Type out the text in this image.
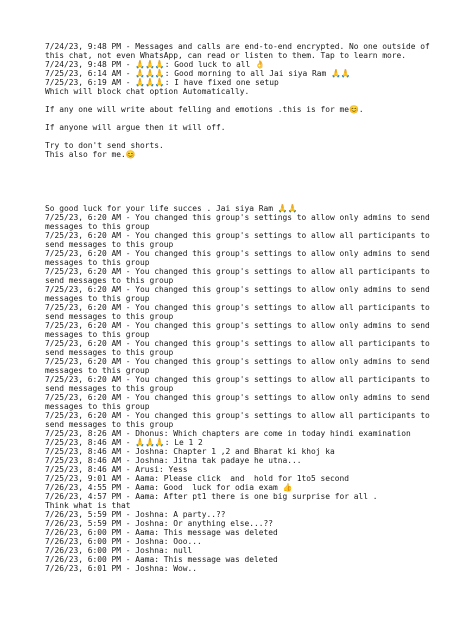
7/24/23, 9:48 PM - Messages and calls are end-to-end encrypted. No one outside of
this chat, not even WhatsApp, can read or listen to them. Tap to learn more.
7/24/23, 9:48 PM - 🙏🙏🙏: Good luck to all 👌
7/25/23, 6:14 AM - 🙏🙏🙏: Good morning to all Jai siya Ram 🙏🙏
7/25/23, 6:19 AM - 🙏🙏🙏: I have fixed one setup
Which will block chat option Automatically.
If any one will write about felling and emotions .this is for me😊.
If anyone will argue then it will off.
Try to don't send shorts.
This also for me.😊
So good luck for your life succes . Jai siya Ram 🙏🙏
7/25/23, 6:20 AM - You changed this group's settings to allow only admins to send
messages to this group
7/25/23, 6:20 AM - You changed this group's settings to allow all participants to
send messages to this group
7/25/23, 6:20 AM - You changed this group's settings to allow only admins to send
messages to this group
7/25/23, 6:20 AM - You changed this group's settings to allow all participants to
send messages to this group
7/25/23, 6:20 AM - You changed this group's settings to allow only admins to send
messages to this group
7/25/23, 6:20 AM - You changed this group's settings to allow all participants to
send messages to this group
7/25/23, 6:20 AM - You changed this group's settings to allow only admins to send
messages to this group
7/25/23, 6:20 AM - You changed this group's settings to allow all participants to
send messages to this group
7/25/23, 6:20 AM - You changed this group's settings to allow only admins to send
messages to this group
7/25/23, 6:20 AM - You changed this group's settings to allow all participants to
send messages to this group
7/25/23, 6:20 AM - You changed this group's settings to allow only admins to send
messages to this group
7/25/23, 6:20 AM - You changed this group's settings to allow all participants to
send messages to this group
7/25/23, 8:26 AM - Dhonus: Which chapters are come in today hindi examination
7/25/23, 8:46 AM - 🙏🙏🙏: Le 1 2
7/25/23, 8:46 AM - Joshna: Chapter 1 ,2 and Bharat ki khoj ka
7/25/23, 8:46 AM - Joshna: Jitna tak padaye he utna...
7/25/23, 8:46 AM - Arusi: Yess
7/25/23, 9:01 AM - Aama: Please click  and  hold for 1to5 second
7/26/23, 4:55 PM - Aama: Good  luck for odia exam 👍
7/26/23, 4:57 PM - Aama: After pt1 there is one big surprise for all .
Think what is that
7/26/23, 5:59 PM - Joshna: A party..??
7/26/23, 5:59 PM - Joshna: Or anything else...??
7/26/23, 6:00 PM - Aama: This message was deleted
7/26/23, 6:00 PM - Joshna: Ooo...
7/26/23, 6:00 PM - Joshna: null
7/26/23, 6:00 PM - Aama: This message was deleted
7/26/23, 6:01 PM - Joshna: Wow..
